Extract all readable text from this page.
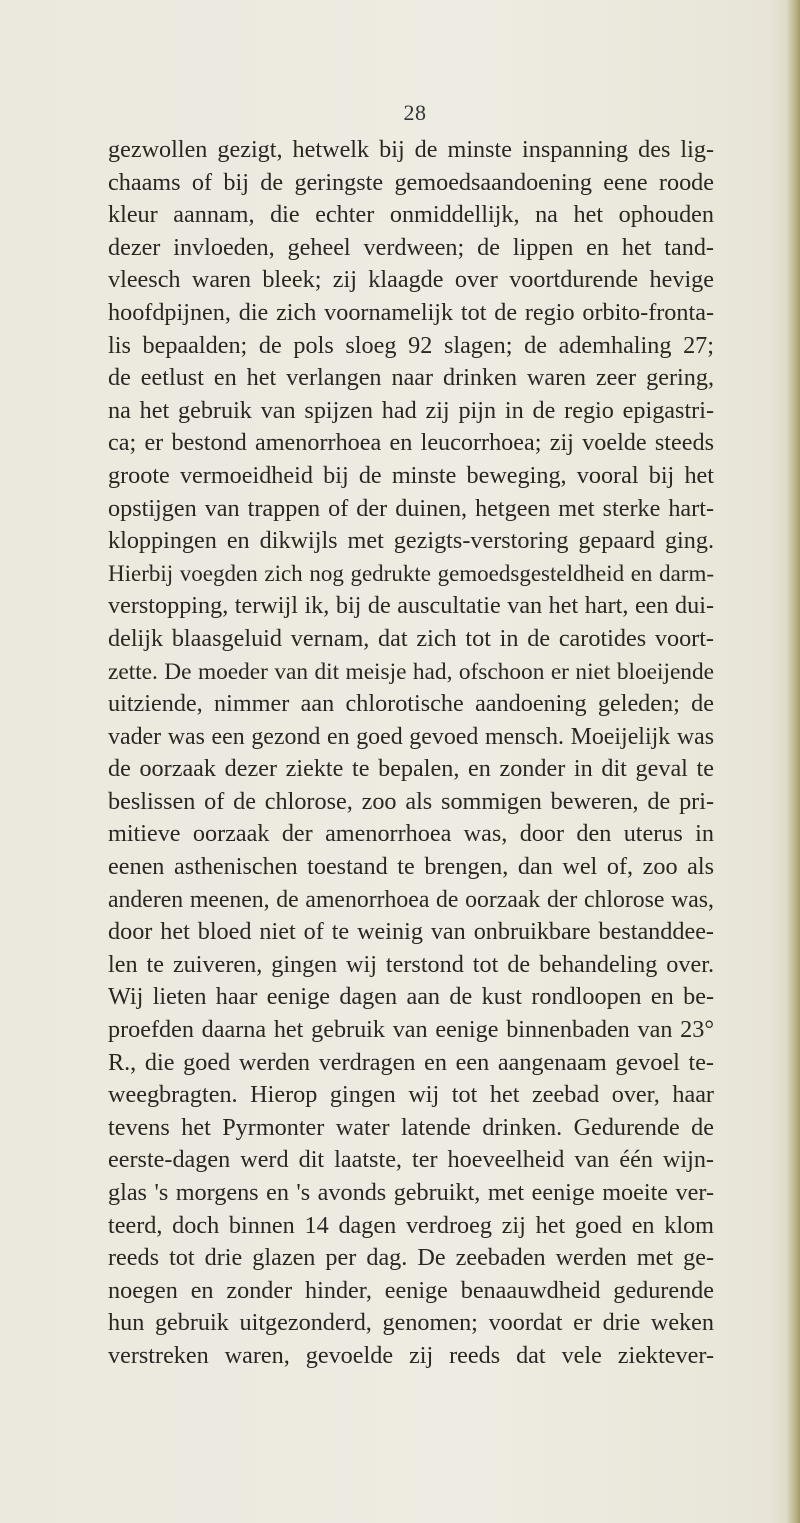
28
gezwollen gezigt, hetwelk bij de minste inspanning des lig-
chaams of bij de geringste gemoedsaandoening eene roode
kleur aannam, die echter onmiddellijk, na het ophouden
dezer invloeden, geheel verdween; de lippen en het tand-
vleesch waren bleek; zij klaagde over voortdurende hevige
hoofdpijnen, die zich voornamelijk tot de regio orbito-fronta-
lis bepaalden; de pols sloeg 92 slagen; de ademhaling 27;
de eetlust en het verlangen naar drinken waren zeer gering,
na het gebruik van spijzen had zij pijn in de regio epigastri-
ca; er bestond amenorrhoea en leucorrhoea; zij voelde steeds
groote vermoeidheid bij de minste beweging, vooral bij het
opstijgen van trappen of der duinen, hetgeen met sterke hart-
kloppingen en dikwijls met gezigts-verstoring gepaard ging.
Hierbij voegden zich nog gedrukte gemoedsgesteldheid en darm-
verstopping, terwijl ik, bij de auscultatie van het hart, een dui-
delijk blaasgeluid vernam, dat zich tot in de carotides voort-
zette. De moeder van dit meisje had, ofschoon er niet bloeijende
uitziende, nimmer aan chlorotische aandoening geleden; de
vader was een gezond en goed gevoed mensch. Moeijelijk was
de oorzaak dezer ziekte te bepalen, en zonder in dit geval te
beslissen of de chlorose, zoo als sommigen beweren, de pri-
mitieve oorzaak der amenorrhoea was, door den uterus in
eenen asthenischen toestand te brengen, dan wel of, zoo als
anderen meenen, de amenorrhoea de oorzaak der chlorose was,
door het bloed niet of te weinig van onbruikbare bestanddee-
len te zuiveren, gingen wij terstond tot de behandeling over.
Wij lieten haar eenige dagen aan de kust rondloopen en be-
proefden daarna het gebruik van eenige binnenbaden van 23°
R., die goed werden verdragen en een aangenaam gevoel te-
weegbragten. Hierop gingen wij tot het zeebad over, haar
tevens het Pyrmonter water latende drinken. Gedurende de
eerste-dagen werd dit laatste, ter hoeveelheid van één wijn-
glas 's morgens en 's avonds gebruikt, met eenige moeite ver-
teerd, doch binnen 14 dagen verdroeg zij het goed en klom
reeds tot drie glazen per dag. De zeebaden werden met ge-
noegen en zonder hinder, eenige benaauwdheid gedurende
hun gebruik uitgezonderd, genomen; voordat er drie weken
verstreken waren, gevoelde zij reeds dat vele ziektever-
